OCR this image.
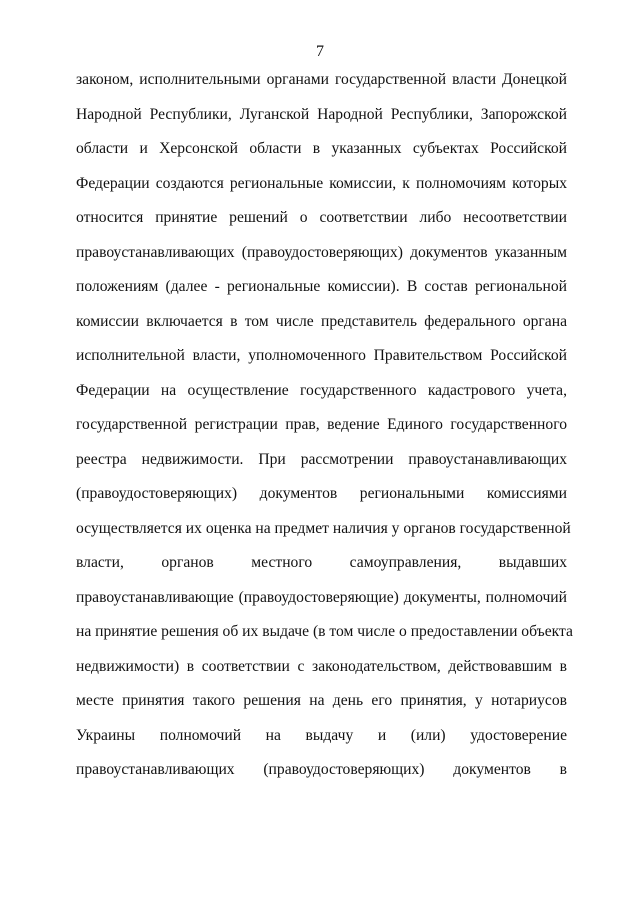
7
законом, исполнительными органами государственной власти Донецкой
Народной Республики, Луганской Народной Республики, Запорожской
области и Херсонской области в указанных субъектах Российской
Федерации создаются региональные комиссии, к полномочиям которых
относится принятие решений о соответствии либо несоответствии
правоустанавливающих (правоудостоверяющих) документов указанным
положениям (далее - региональные комиссии). В состав региональной
комиссии включается в том числе представитель федерального органа
исполнительной власти, уполномоченного Правительством Российской
Федерации на осуществление государственного кадастрового учета,
государственной регистрации прав, ведение Единого государственного
реестра недвижимости. При рассмотрении правоустанавливающих
(правоудостоверяющих) документов региональными комиссиями
осуществляется их оценка на предмет наличия у органов государственной
власти, органов местного самоуправления, выдавших
правоустанавливающие (правоудостоверяющие) документы, полномочий
на принятие решения об их выдаче (в том числе о предоставлении объекта
недвижимости) в соответствии с законодательством, действовавшим в
месте принятия такого решения на день его принятия, у нотариусов
Украины полномочий на выдачу и (или) удостоверение
правоустанавливающих (правоудостоверяющих) документов в
